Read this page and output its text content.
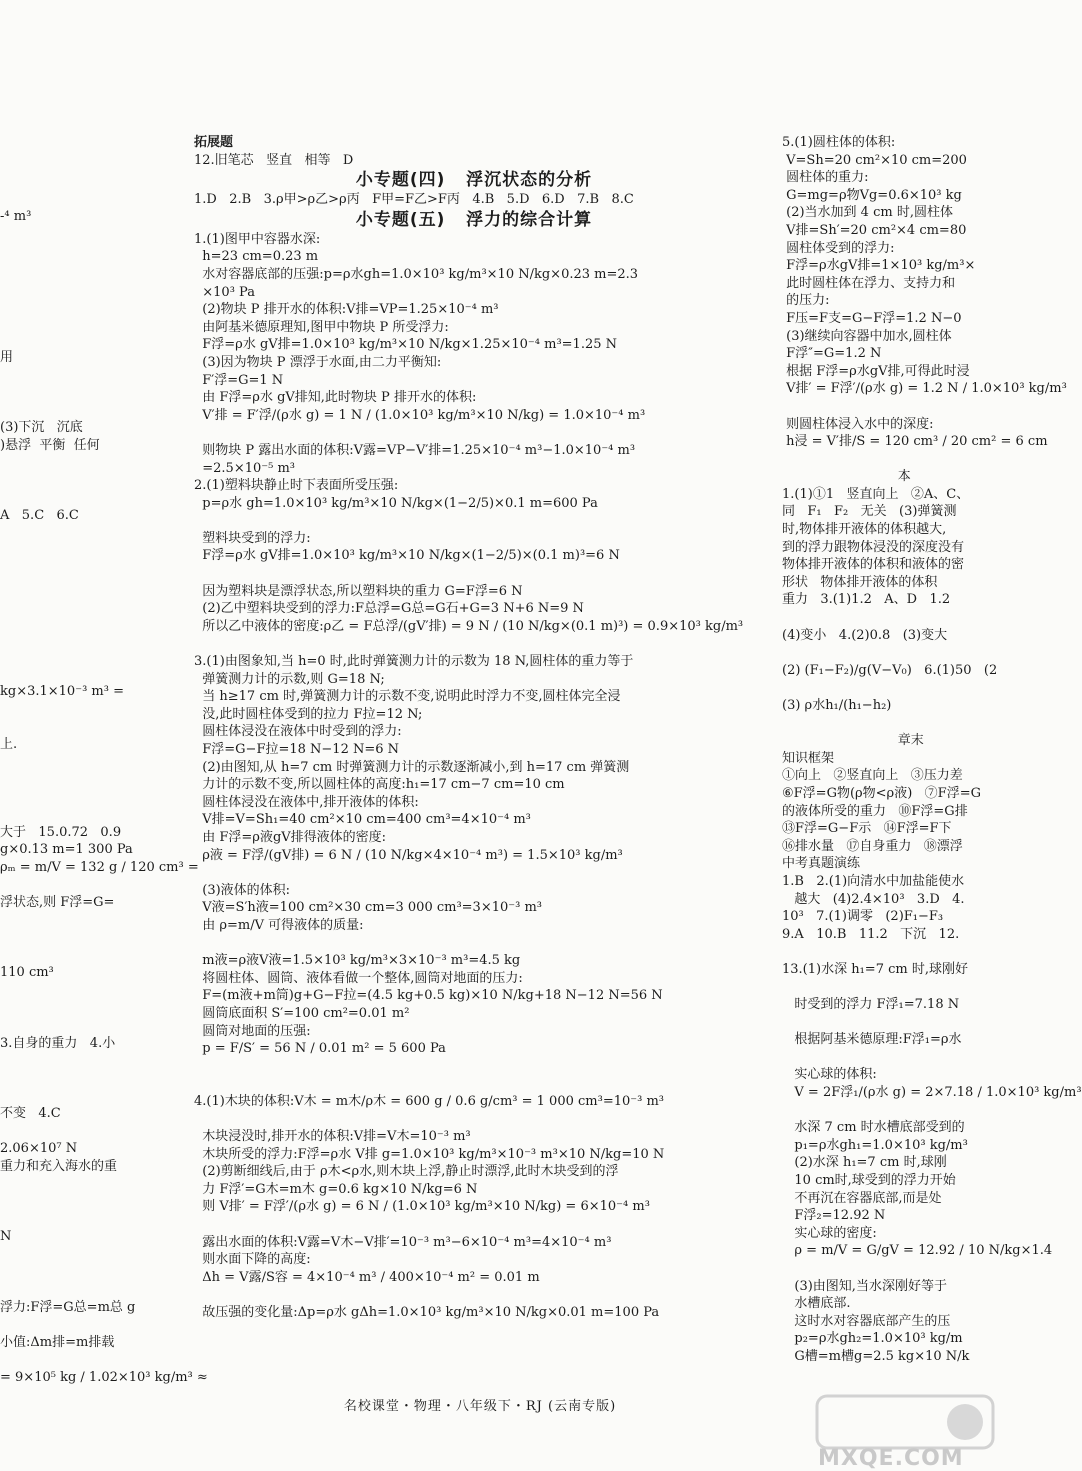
-⁴ m³
用
(3)下沉   沉底
)悬浮  平衡  任何
A   5.C   6.C
kg×3.1×10⁻³ m³ =
上.
大于   15.0.72   0.9
g×0.13 m=1 300 Pa
ρₘ = m/V = 132 g / 120 cm³ =
浮状态,则 F浮=G=
110 cm³
3.自身的重力   4.小
不变   4.C
2.06×10⁷ N
重力和充入海水的重
N
浮力:F浮=G总=m总 g
小值:Δm排=m排载
= 9×10⁵ kg / 1.02×10³ kg/m³ ≈
拓展题
12.旧笔芯   竖直   相等   D
小专题(四)   浮沉状态的分析
1.D   2.B   3.ρ甲>ρ乙>ρ丙   F甲=F乙>F丙   4.B   5.D   6.D   7.B   8.C
小专题(五)   浮力的综合计算
1.(1)图甲中容器水深:
h=23 cm=0.23 m
水对容器底部的压强:p=ρ水gh=1.0×10³ kg/m³×10 N/kg×0.23 m=2.3
×10³ Pa
(2)物块 P 排开水的体积:V排=VP=1.25×10⁻⁴ m³
由阿基米德原理知,图甲中物块 P 所受浮力:
F浮=ρ水 gV排=1.0×10³ kg/m³×10 N/kg×1.25×10⁻⁴ m³=1.25 N
(3)因为物块 P 漂浮于水面,由二力平衡知:
F′浮=G=1 N
由 F浮=ρ水 gV排知,此时物块 P 排开水的体积:
V′排 = F′浮/(ρ水 g) = 1 N / (1.0×10³ kg/m³×10 N/kg) = 1.0×10⁻⁴ m³
则物块 P 露出水面的体积:V露=VP−V′排=1.25×10⁻⁴ m³−1.0×10⁻⁴ m³
=2.5×10⁻⁵ m³
2.(1)塑料块静止时下表面所受压强:
p=ρ水 gh=1.0×10³ kg/m³×10 N/kg×(1−2/5)×0.1 m=600 Pa
塑料块受到的浮力:
F浮=ρ水 gV排=1.0×10³ kg/m³×10 N/kg×(1−2/5)×(0.1 m)³=6 N
因为塑料块是漂浮状态,所以塑料块的重力 G=F浮=6 N
(2)乙中塑料块受到的浮力:F总浮=G总=G石+G=3 N+6 N=9 N
所以乙中液体的密度:ρ乙 = F总浮/(gV′排) = 9 N / (10 N/kg×(0.1 m)³) = 0.9×10³ kg/m³
3.(1)由图象知,当 h=0 时,此时弹簧测力计的示数为 18 N,圆柱体的重力等于
弹簧测力计的示数,则 G=18 N;
当 h≥17 cm 时,弹簧测力计的示数不变,说明此时浮力不变,圆柱体完全浸
没,此时圆柱体受到的拉力 F拉=12 N;
圆柱体浸没在液体中时受到的浮力:
F浮=G−F拉=18 N−12 N=6 N
(2)由图知,从 h=7 cm 时弹簧测力计的示数逐渐减小,到 h=17 cm 弹簧测
力计的示数不变,所以圆柱体的高度:h₁=17 cm−7 cm=10 cm
圆柱体浸没在液体中,排开液体的体积:
V排=V=Sh₁=40 cm²×10 cm=400 cm³=4×10⁻⁴ m³
由 F浮=ρ液gV排得液体的密度:
ρ液 = F浮/(gV排) = 6 N / (10 N/kg×4×10⁻⁴ m³) = 1.5×10³ kg/m³
(3)液体的体积:
V液=S′h液=100 cm²×30 cm=3 000 cm³=3×10⁻³ m³
由 ρ=m/V 可得液体的质量:
m液=ρ液V液=1.5×10³ kg/m³×3×10⁻³ m³=4.5 kg
将圆柱体、圆筒、液体看做一个整体,圆筒对地面的压力:
F=(m液+m筒)g+G−F拉=(4.5 kg+0.5 kg)×10 N/kg+18 N−12 N=56 N
圆筒底面积 S′=100 cm²=0.01 m²
圆筒对地面的压强:
p = F/S′ = 56 N / 0.01 m² = 5 600 Pa
4.(1)木块的体积:V木 = m木/ρ木 = 600 g / 0.6 g/cm³ = 1 000 cm³=10⁻³ m³
木块浸没时,排开水的体积:V排=V木=10⁻³ m³
木块所受的浮力:F浮=ρ水 V排 g=1.0×10³ kg/m³×10⁻³ m³×10 N/kg=10 N
(2)剪断细线后,由于 ρ木<ρ水,则木块上浮,静止时漂浮,此时木块受到的浮
力 F浮′=G木=m木 g=0.6 kg×10 N/kg=6 N
则 V排′ = F浮′/(ρ水 g) = 6 N / (1.0×10³ kg/m³×10 N/kg) = 6×10⁻⁴ m³
露出水面的体积:V露=V木−V排′=10⁻³ m³−6×10⁻⁴ m³=4×10⁻⁴ m³
则水面下降的高度:
Δh = V露/S容 = 4×10⁻⁴ m³ / 400×10⁻⁴ m² = 0.01 m
故压强的变化量:Δp=ρ水 gΔh=1.0×10³ kg/m³×10 N/kg×0.01 m=100 Pa
5.(1)圆柱体的体积:
V=Sh=20 cm²×10 cm=200
圆柱体的重力:
G=mg=ρ物Vg=0.6×10³ kg
(2)当水加到 4 cm 时,圆柱体
V排=Sh′=20 cm²×4 cm=80
圆柱体受到的浮力:
F浮=ρ水gV排=1×10³ kg/m³×
此时圆柱体在浮力、支持力和
的压力:
F压=F支=G−F浮=1.2 N−0
(3)继续向容器中加水,圆柱体
F浮″=G=1.2 N
根据 F浮=ρ水gV排,可得此时浸
V排′ = F浮′/(ρ水 g) = 1.2 N / 1.0×10³ kg/m³
则圆柱体浸入水中的深度:
h浸 = V′排/S = 120 cm³ / 20 cm² = 6 cm
本
1.(1)①1   竖直向上   ②A、C、
同   F₁   F₂   无关   (3)弹簧测
时,物体排开液体的体积越大,
到的浮力跟物体浸没的深度没有
物体排开液体的体积和液体的密
形状   物体排开液体的体积
重力   3.(1)1.2   A、D   1.2
(4)变小   4.(2)0.8   (3)变大
(2) (F₁−F₂)/g(V−V₀)   6.(1)50   (2
(3) ρ水h₁/(h₁−h₂)
章末
知识框架
①向上   ②竖直向上   ③压力差
⑥F浮=G物(ρ物<ρ液)   ⑦F浮=G
的液体所受的重力   ⑩F浮=G排
⑬F浮=G−F示   ⑭F浮=F下
⑯排水量   ⑰自身重力   ⑱漂浮
中考真题演练
1.B   2.(1)向清水中加盐能使水
越大   (4)2.4×10³   3.D   4.
10³   7.(1)调零   (2)F₁−F₃
9.A   10.B   11.2   下沉   12.
13.(1)水深 h₁=7 cm 时,球刚好
时受到的浮力 F浮₁=7.18 N
根据阿基米德原理:F浮₁=ρ水
实心球的体积:
V = 2F浮₁/(ρ水 g) = 2×7.18 / 1.0×10³ kg/m³
水深 7 cm 时水槽底部受到的
p₁=ρ水gh₁=1.0×10³ kg/m³
(2)水深 h₁=7 cm 时,球刚
10 cm时,球受到的浮力开始
不再沉在容器底部,而是处
F浮₂=12.92 N
实心球的密度:
ρ = m/V = G/gV = 12.92 / 10 N/kg×1.4
(3)由图知,当水深刚好等于
水槽底部.
这时水对容器底部产生的压
p₂=ρ水gh₂=1.0×10³ kg/m
G槽=m槽g=2.5 kg×10 N/k
名校课堂・物理・八年级下・RJ (云南专版)
MXQE.COM
